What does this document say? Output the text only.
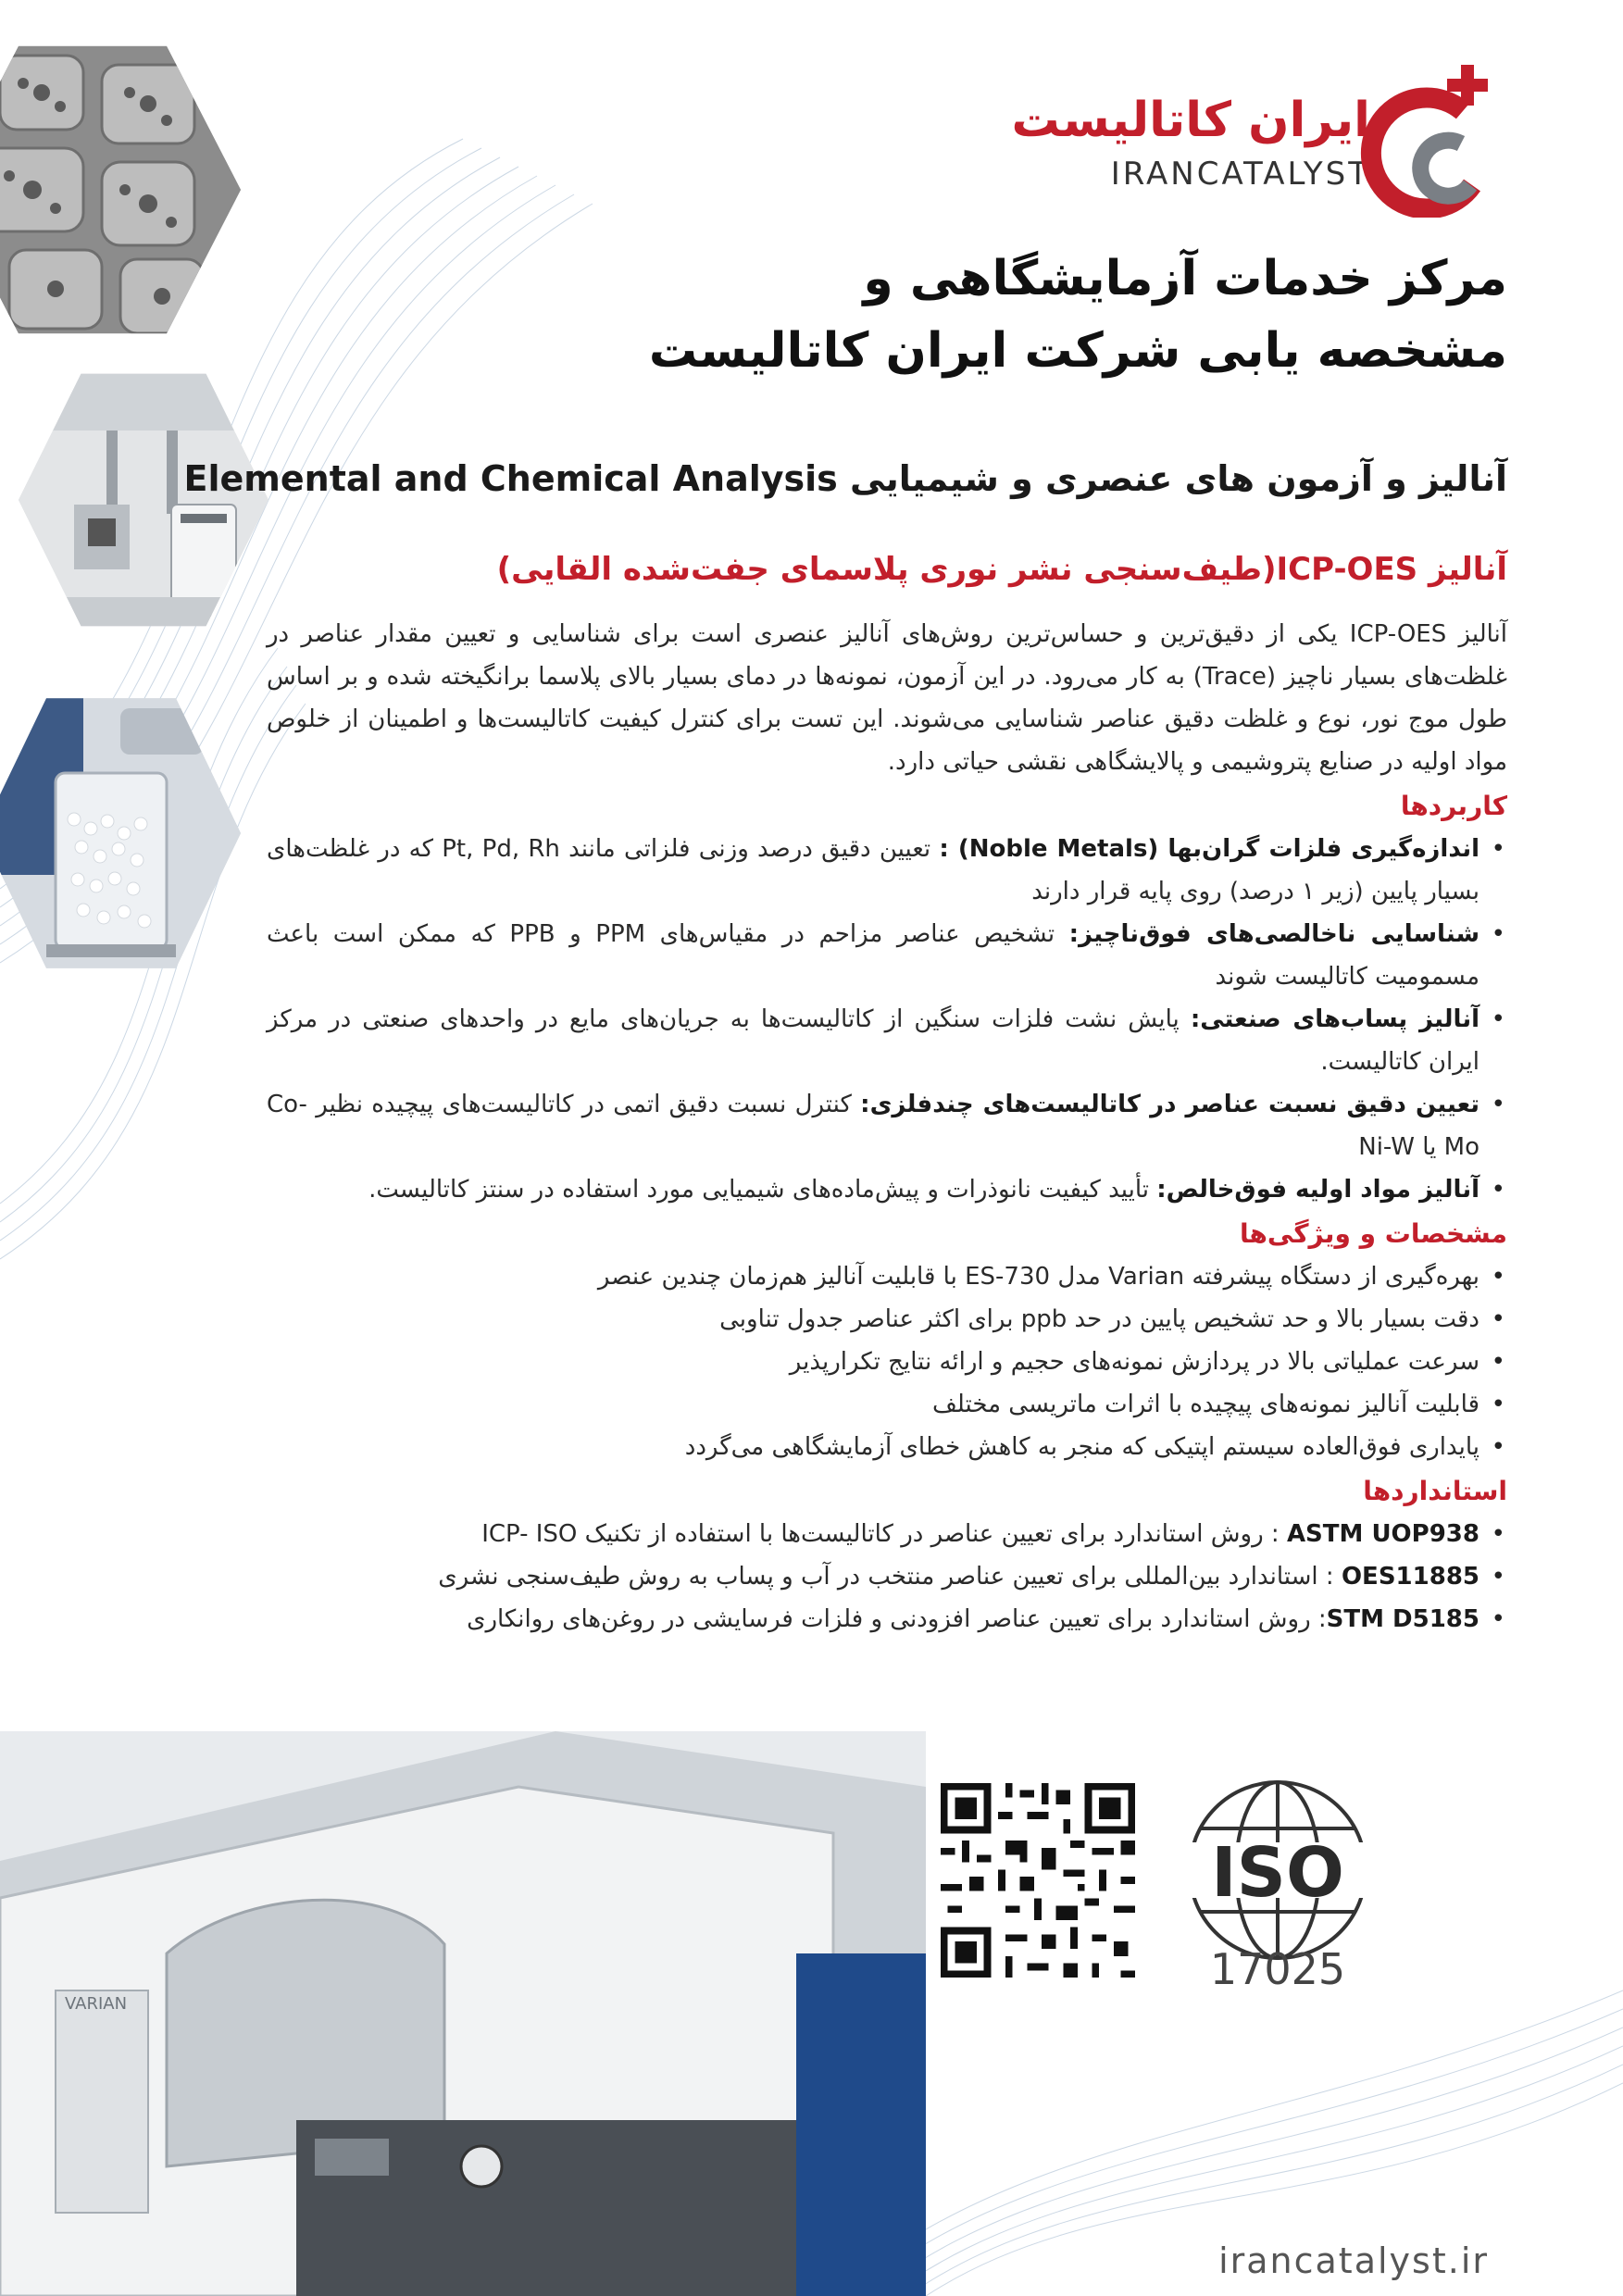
ایران کاتالیست
IRANCATALYST
مرکز خدمات آزمایشگاهی و
مشخصه یابی شرکت ایران کاتالیست
آنالیز و آزمون های عنصری و شیمیایی Elemental and Chemical Analysis
آنالیز ICP-OES(طیف‌سنجی نشر نوری پلاسمای جفت‌شده القایی)

آنالیز ICP-OES یکی از دقیق‌ترین و حساس‌ترین روش‌های آنالیز عنصری است برای شناسایی و تعیین مقدار عناصر در غلظت‌های بسیار ناچیز (Trace) به کار می‌رود. در این آزمون، نمونه‌ها در دمای بسیار بالای پلاسما برانگیخته شده و بر اساس طول موج نور، نوع و غلظت دقیق عناصر شناسایی می‌شوند. این تست برای کنترل کیفیت کاتالیست‌ها و اطمینان از خلوص مواد اولیه در صنایع پتروشیمی و پالایشگاهی نقشی حیاتی دارد.

کاربردها
• اندازه‌گیری فلزات گران‌بها (Noble Metals) : تعیین دقیق درصد وزنی فلزاتی مانند Pt, Pd, Rh که در غلظت‌های بسیار پایین (زیر ۱ درصد) روی پایه قرار دارند
• شناسایی ناخالصی‌های فوق‌ناچیز: تشخیص عناصر مزاحم در مقیاس‌های PPM و PPB که ممکن است باعث مسمومیت کاتالیست شوند
• آنالیز پساب‌های صنعتی: پایش نشت فلزات سنگین از کاتالیست‌ها به جریان‌های مایع در واحدهای صنعتی در مرکز ایران کاتالیست.
• تعیین دقیق نسبت عناصر در کاتالیست‌های چندفلزی: کنترل نسبت دقیق اتمی در کاتالیست‌های پیچیده نظیر Co-Mo یا Ni-W
• آنالیز مواد اولیه فوق‌خالص: تأیید کیفیت نانوذرات و پیش‌ماده‌های شیمیایی مورد استفاده در سنتز کاتالیست.
مشخصات و ویژگی‌ها
• بهره‌گیری از دستگاه پیشرفته Varian مدل 730-ES با قابلیت آنالیز هم‌زمان چندین عنصر
• دقت بسیار بالا و حد تشخیص پایین در حد ppb برای اکثر عناصر جدول تناوبی
• سرعت عملیاتی بالا در پردازش نمونه‌های حجیم و ارائه نتایج تکرارپذیر
• قابلیت آنالیز نمونه‌های پیچیده با اثرات ماتریسی مختلف
• پایداری فوق‌العاده سیستم اپتیکی که منجر به کاهش خطای آزمایشگاهی می‌گردد
استانداردها
• ASTM UOP938 : روش استاندارد برای تعیین عناصر در کاتالیست‌ها با استفاده از تکنیک ICP- ISO
• OES11885 : استاندارد بین‌المللی برای تعیین عناصر منتخب در آب و پساب به روش طیف‌سنجی نشری
• STM D5185: روش استاندارد برای تعیین عناصر افزودنی و فلزات فرسایشی در روغن‌های روانکاری
VARIAN
ISO
17025
irancatalyst.ir
